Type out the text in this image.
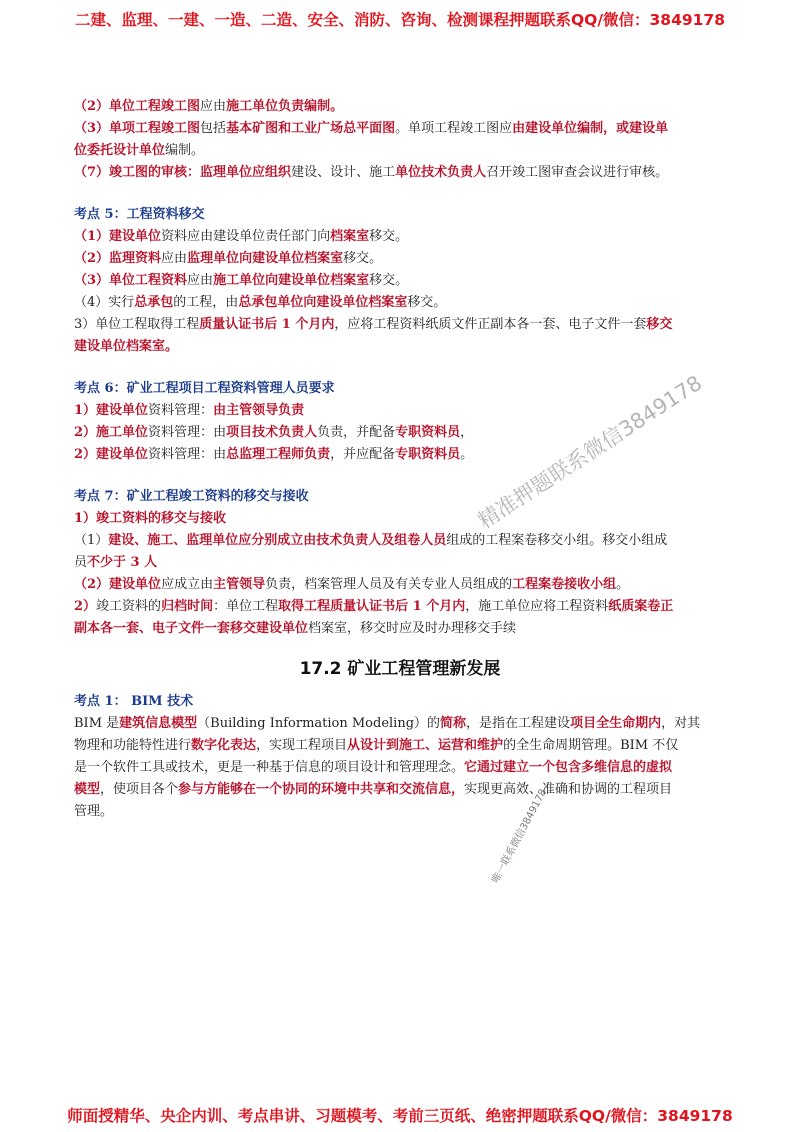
二建、监理、一建、一造、二造、安全、消防、咨询、检测课程押题联系QQ/微信：3849178

（2）单位工程竣工图应由施工单位负责编制。

（3）单项工程竣工图包括基本矿图和工业广场总平面图。单项工程竣工图应由建设单位编制，或建设单

位委托设计单位编制。

（7）竣工图的审核：监理单位应组织建设、设计、施工单位技术负责人召开竣工图审查会议进行审核。

考点 5：工程资料移交

（1）建设单位资料应由建设单位责任部门向档案室移交。

（2）监理资料应由监理单位向建设单位档案室移交。

（3）单位工程资料应由施工单位向建设单位档案室移交。

（4）实行总承包的工程，由总承包单位向建设单位档案室移交。

3）单位工程取得工程质量认证书后 1 个月内，应将工程资料纸质文件正副本各一套、电子文件一套移交

建设单位档案室。

考点 6：矿业工程项目工程资料管理人员要求

1）建设单位资料管理：由主管领导负责

2）施工单位资料管理：由项目技术负责人负责，并配备专职资料员，

2）建设单位资料管理：由总监理工程师负责，并应配备专职资料员。

考点 7：矿业工程竣工资料的移交与接收

1）竣工资料的移交与接收

（1）建设、施工、监理单位应分别成立由技术负责人及组卷人员组成的工程案卷移交小组。移交小组成

员不少于 3 人

（2）建设单位应成立由主管领导负责，档案管理人员及有关专业人员组成的工程案卷接收小组。

2）竣工资料的归档时间：单位工程取得工程质量认证书后 1 个月内，施工单位应将工程资料纸质案卷正

副本各一套、电子文件一套移交建设单位档案室，移交时应及时办理移交手续

17.2 矿业工程管理新发展

考点 1： BIM 技术

BIM 是建筑信息模型（Building Information Modeling）的简称，是指在工程建设项目全生命期内，对其

物理和功能特性进行数字化表达，实现工程项目从设计到施工、运营和维护的全生命周期管理。BIM 不仅

是一个软件工具或技术，更是一种基于信息的项目设计和管理理念。它通过建立一个包含多维信息的虚拟

模型，使项目各个参与方能够在一个协同的环境中共享和交流信息，实现更高效、准确和协调的工程项目

管理。

精准押题联系微信3849178
唯一联系微信3849178
师面授精华、央企内训、考点串讲、习题模考、考前三页纸、绝密押题联系QQ/微信：3849178
